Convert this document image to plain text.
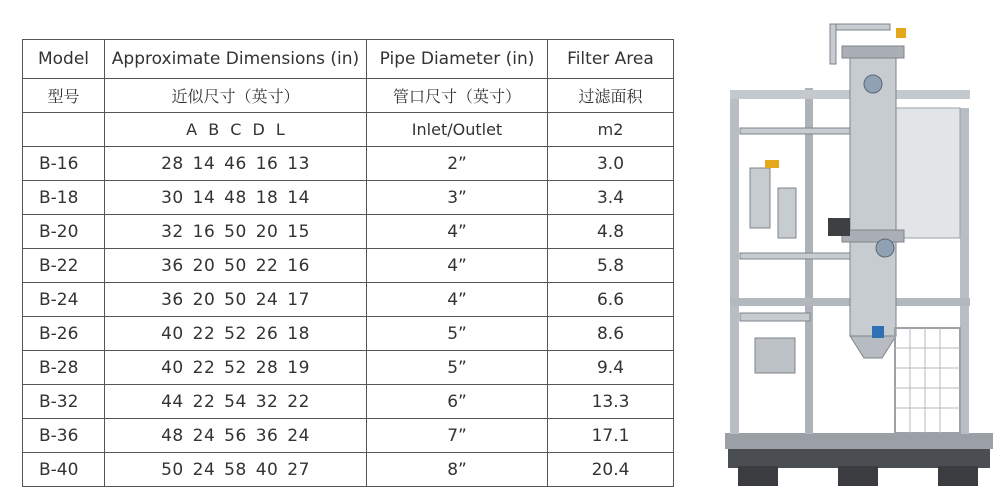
Model	Approximate Dimensions (in)	Pipe Diameter (in)	Filter Area
型号	近似尺寸（英寸）	管口尺寸（英寸）	过滤面积
	A B C D L	Inlet/Outlet	m2
B-16	28 14 46 16 13	2”	3.0
B-18	30 14 48 18 14	3”	3.4
B-20	32 16 50 20 15	4”	4.8
B-22	36 20 50 22 16	4”	5.8
B-24	36 20 50 24 17	4”	6.6
B-26	40 22 52 26 18	5”	8.6
B-28	40 22 52 28 19	5”	9.4
B-32	44 22 54 32 22	6”	13.3
B-36	48 24 56 36 24	7”	17.1
B-40	50 24 58 40 27	8”	20.4
